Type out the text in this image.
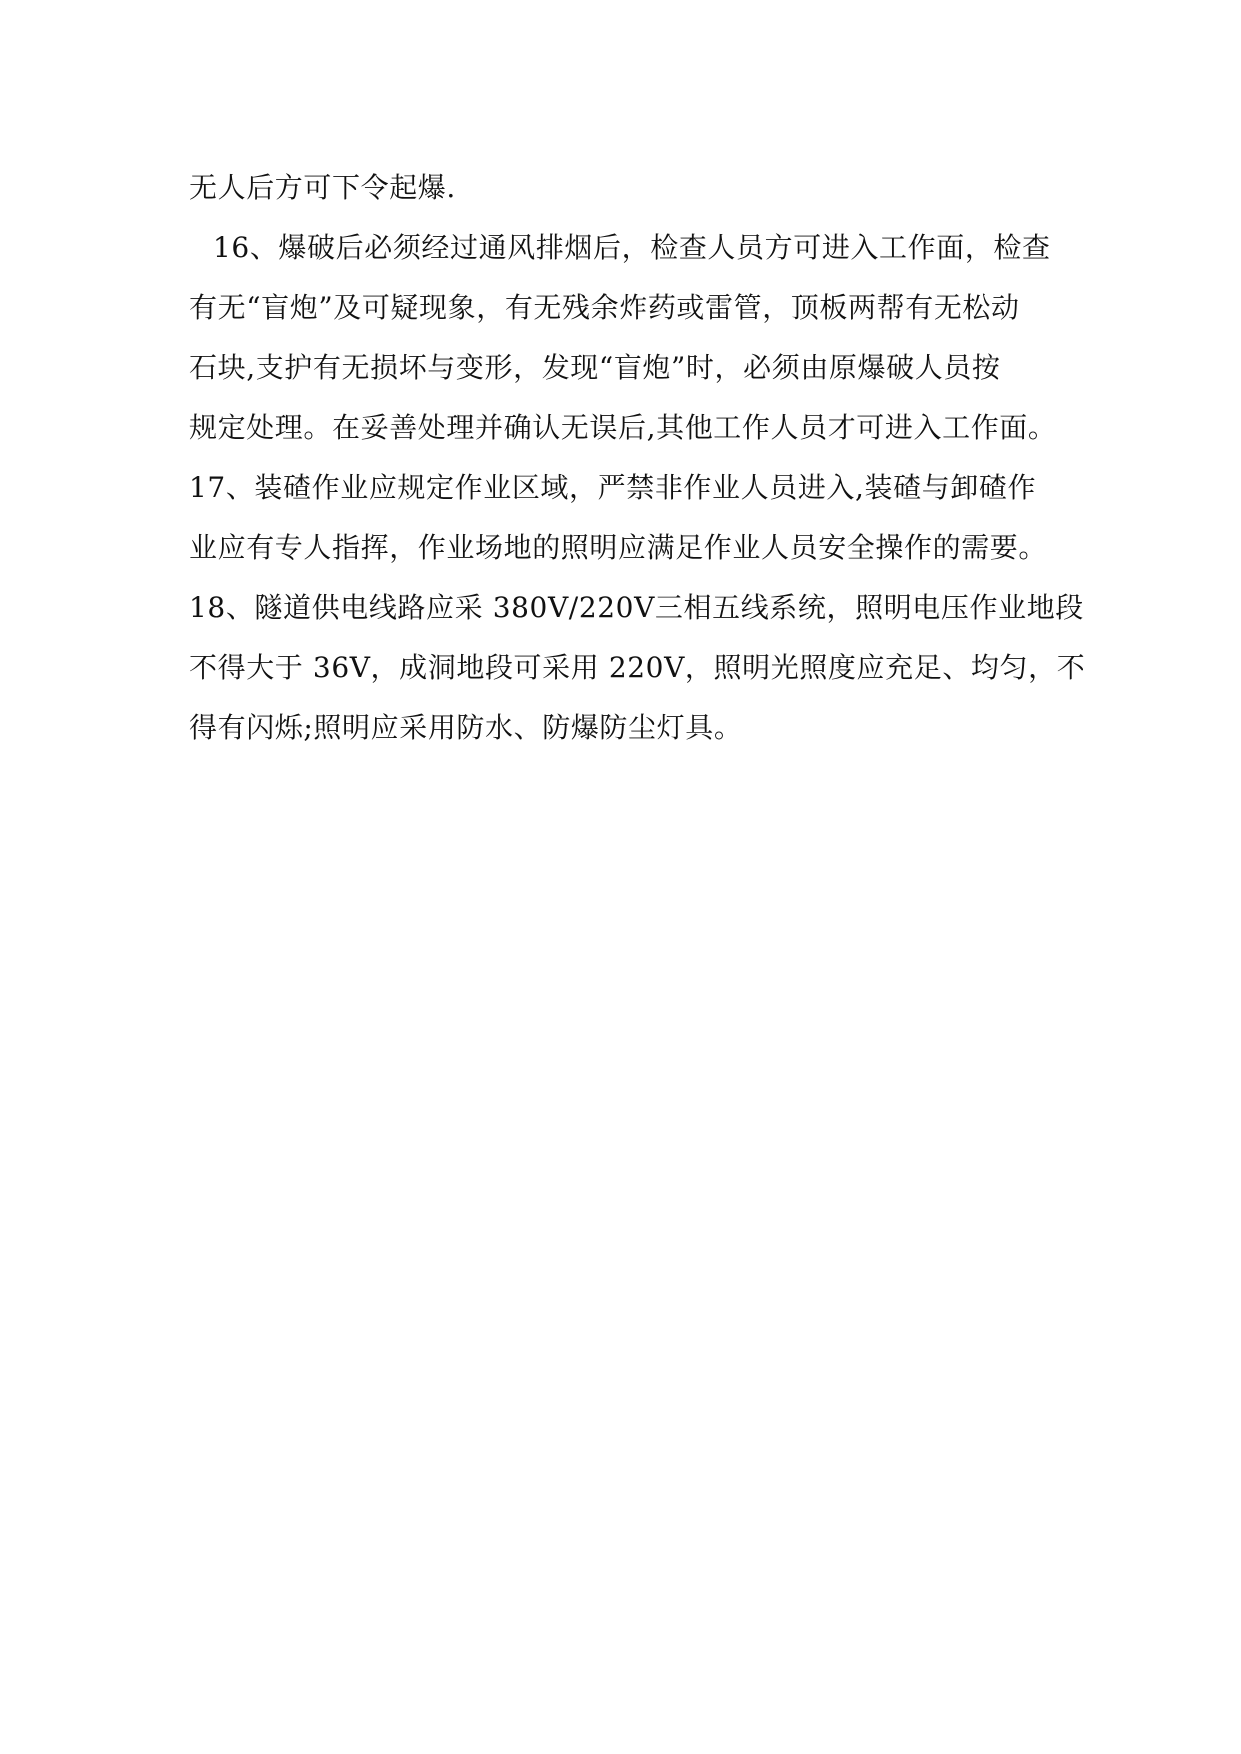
无人后方可下令起爆.
16、爆破后必须经过通风排烟后，检查人员方可进入工作面，检查
有无“盲炮”及可疑现象，有无残余炸药或雷管，顶板两帮有无松动
石块,支护有无损坏与变形，发现“盲炮”时，必须由原爆破人员按
规定处理。在妥善处理并确认无误后,其他工作人员才可进入工作面。
17、装碴作业应规定作业区域，严禁非作业人员进入,装碴与卸碴作
业应有专人指挥，作业场地的照明应满足作业人员安全操作的需要。
18、隧道供电线路应采 380V/220V三相五线系统，照明电压作业地段
不得大于 36V，成洞地段可采用 220V，照明光照度应充足、均匀，不
得有闪烁;照明应采用防水、防爆防尘灯具。
